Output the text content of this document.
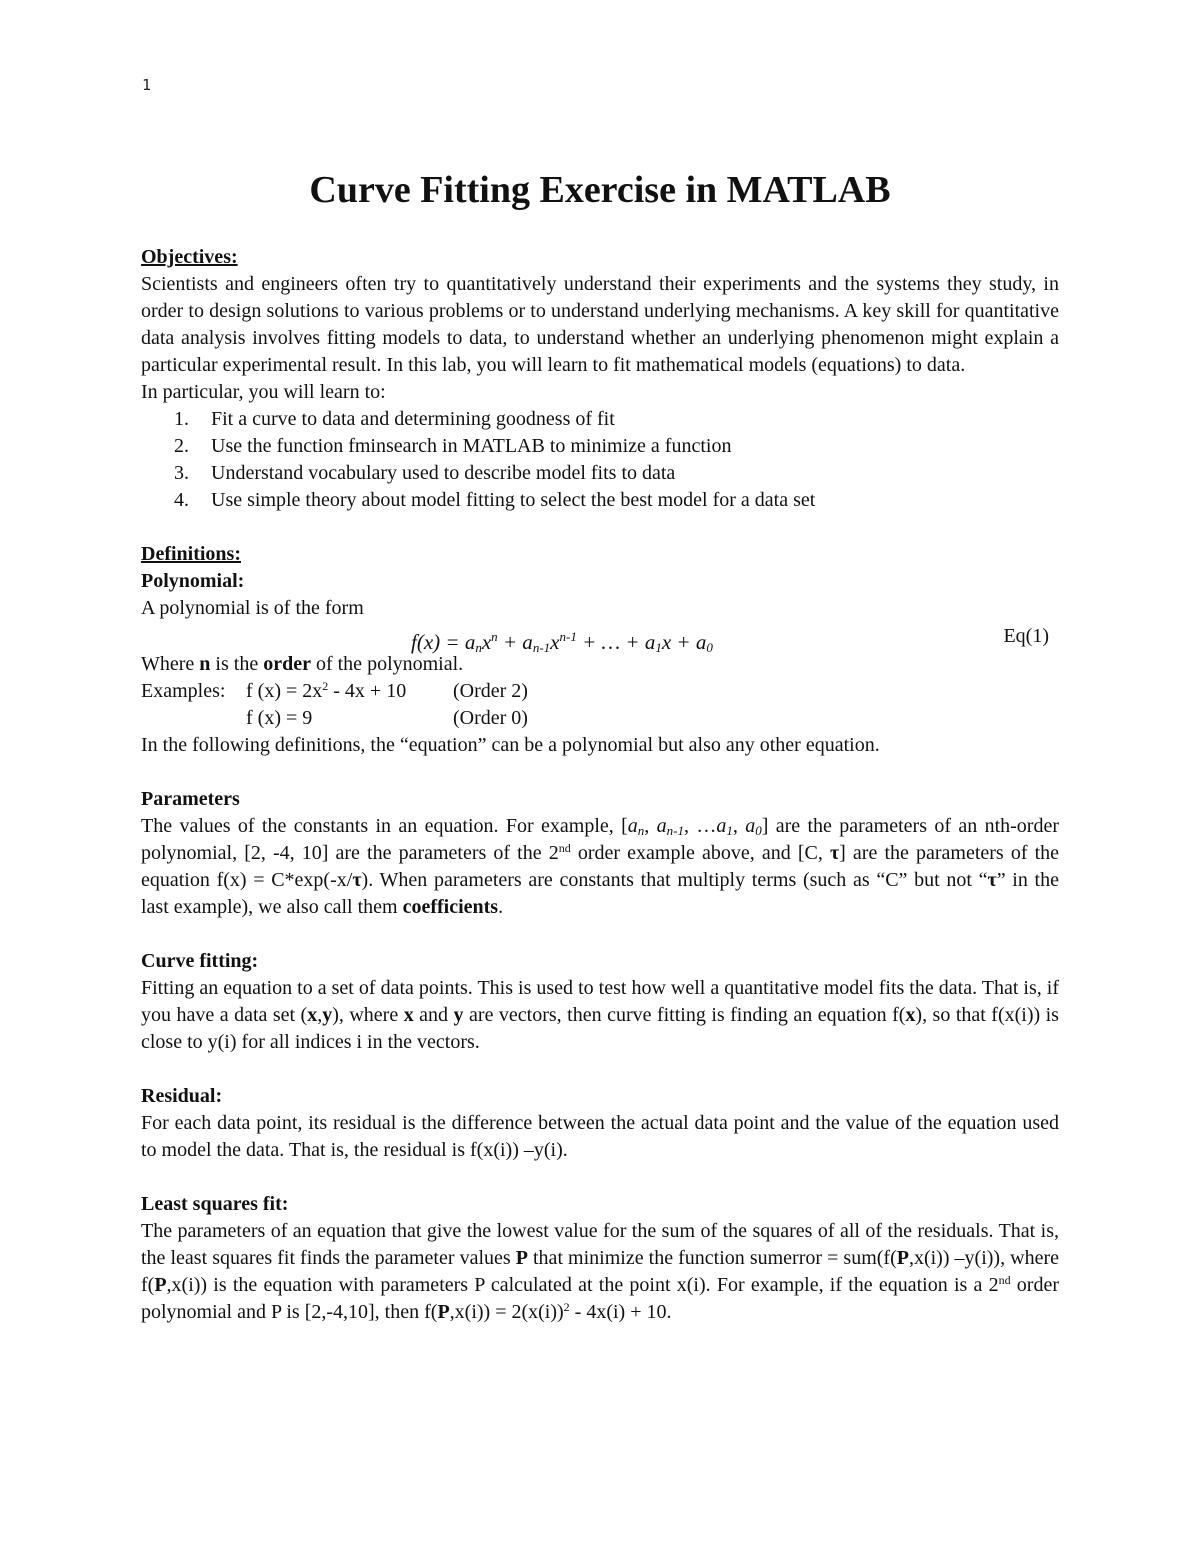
1
Curve Fitting Exercise in MATLAB
Objectives:
Scientists and engineers often try to quantitatively understand their experiments and the systems they study, in order to design solutions to various problems or to understand underlying mechanisms. A key skill for quantitative data analysis involves fitting models to data, to understand whether an underlying phenomenon might explain a particular experimental result. In this lab, you will learn to fit mathematical models (equations) to data.
In particular, you will learn to:
1. Fit a curve to data and determining goodness of fit
2. Use the function fminsearch in MATLAB to minimize a function
3. Understand vocabulary used to describe model fits to data
4. Use simple theory about model fitting to select the best model for a data set
Definitions:
Polynomial:
A polynomial is of the form
$f(x) = a_nx^n + a_{n-1}x^{n-1}$ + … + $a_1x + a_0$
Eq(1)
Where n is the order of the polynomial.
Examples: f $(x) = 2x^2 - 4x + 10$ (Order 2)
f (x) = 9	(Order 0)
In the following definitions, the “equation” can be a polynomial but also any other equation.
Parameters
The values of the constants in an equation. For example, [$a_n$, $a_{n-1}$, $\dots a_1$, $a_0$] are the parameters of an nth-order polynomial, [2, -4, 10] are the parameters of the 2nd order example above, and [C, τ] are the parameters of the equation f(x) = C*exp(-x/τ). When parameters are constants that multiply terms (such as “C” but not “τ” in the last example), we also call them coefficients.
Curve fitting:
Fitting an equation to a set of data points. This is used to test how well a quantitative model fits the data. That is, if you have a data set (x,y), where x and y are vectors, then curve fitting is finding an equation f(x), so that f(x(i)) is close to y(i) for all indices i in the vectors.
Residual:
For each data point, its residual is the difference between the actual data point and the value of the equation used to model the data. That is, the residual is f(x(i)) –y(i).
Least squares fit:
The parameters of an equation that give the lowest value for the sum of the squares of all of the residuals. That is, the least squares fit finds the parameter values P that minimize the function sumerror = sum(f(P,x(i)) –y(i)), where f(P,x(i)) is the equation with parameters P calculated at the point x(i). For example, if the equation is a 2nd order polynomial and P is [2,-4,10], then $f(P,x(i)) = 2(x(i))^2 - 4x(i) + 10$.
